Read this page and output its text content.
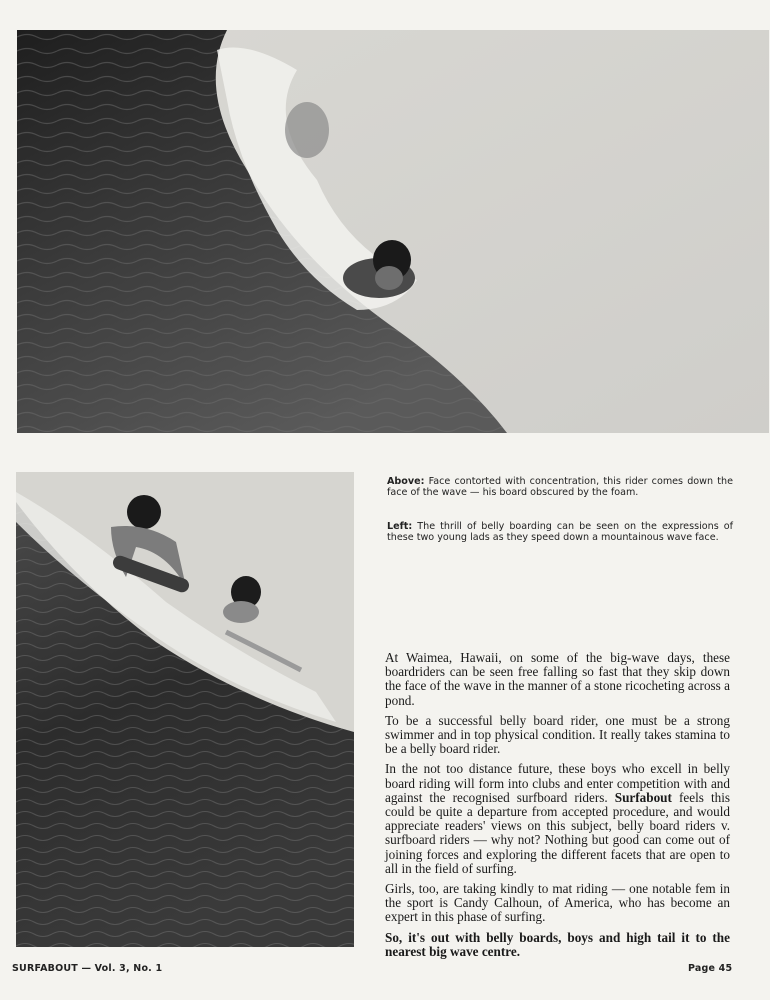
Above: Face contorted with concentration, this rider comes down the face of the wave — his board obscured by the foam.
Left: The thrill of belly boarding can be seen on the expressions of these two young lads as they speed down a mountainous wave face.

At Waimea, Hawaii, on some of the big-wave days, these boardriders can be seen free falling so fast that they skip down the face of the wave in the manner of a stone ricocheting across a pond.

To be a successful belly board rider, one must be a strong swimmer and in top physical condition. It really takes stamina to be a belly board rider.

In the not too distance future, these boys who excell in belly board riding will form into clubs and enter competition with and against the recognised surfboard riders. Surfabout feels this could be quite a departure from accepted procedure, and would appreciate readers' views on this subject, belly board riders v. surfboard riders — why not? Nothing but good can come out of joining forces and exploring the different facets that are open to all in the field of surfing.

Girls, too, are taking kindly to mat riding — one notable fem in the sport is Candy Calhoun, of America, who has become an expert in this phase of surfing.

So, it's out with belly boards, boys and high tail it to the nearest big wave centre.

SURFABOUT — Vol. 3, No. 1	Page 45
